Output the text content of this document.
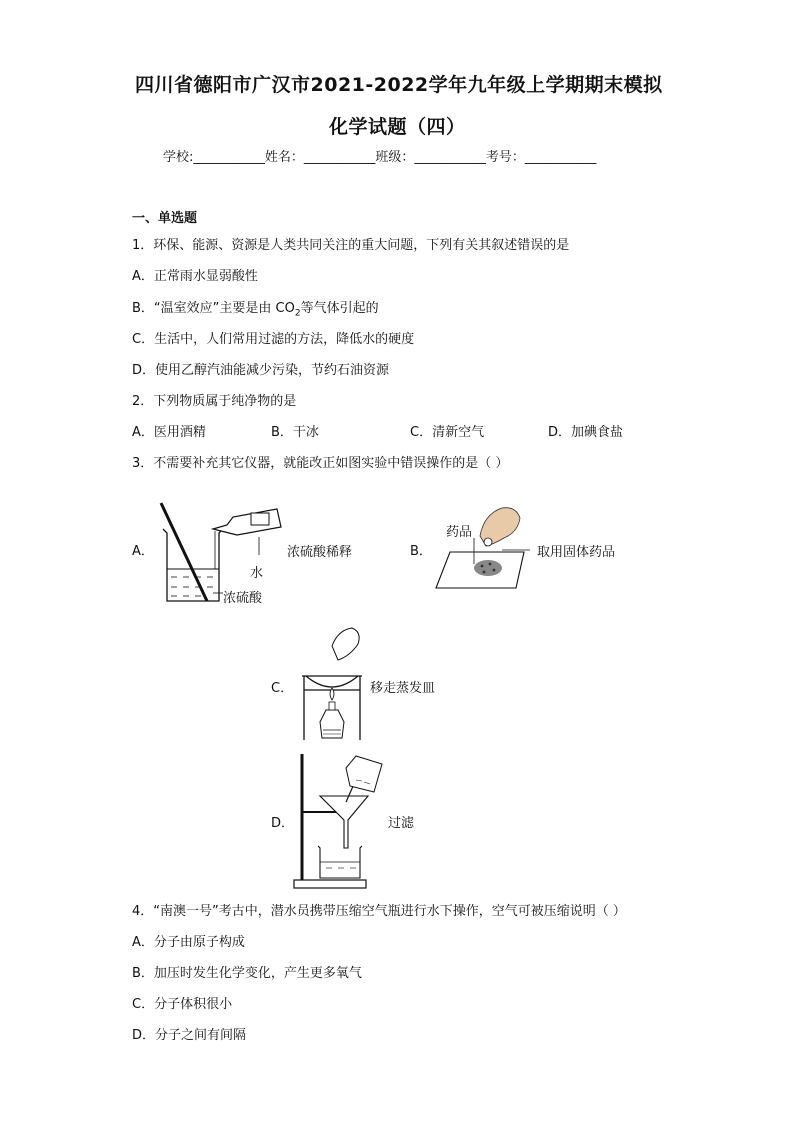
四川省德阳市广汉市2021-2022学年九年级上学期期末模拟
化学试题（四）
学校:___________姓名：___________班级：___________考号：___________
一、单选题
1．环保、能源、资源是人类共同关注的重大问题，下列有关其叙述错误的是
A．正常雨水显弱酸性
B．“温室效应”主要是由 $CO_2$等气体引起的
C．生活中，人们常用过滤的方法，降低水的硬度
D．使用乙醇汽油能减少污染，节约石油资源
2．下列物质属于纯净物的是
A．医用酒精	B．干冰	C．清新空气	D．加碘食盐
3．不需要补充其它仪器，就能改正如图实验中错误操作的是（ ）
A．
水
浓硫酸
浓硫酸稀释	B．
药品
取用固体药品
C．	移走蒸发皿
D．	过滤
4．“南澳一号”考古中，潜水员携带压缩空气瓶进行水下操作，空气可被压缩说明（ ）
A．分子由原子构成
B．加压时发生化学变化，产生更多氧气
C．分子体积很小
D．分子之间有间隔
